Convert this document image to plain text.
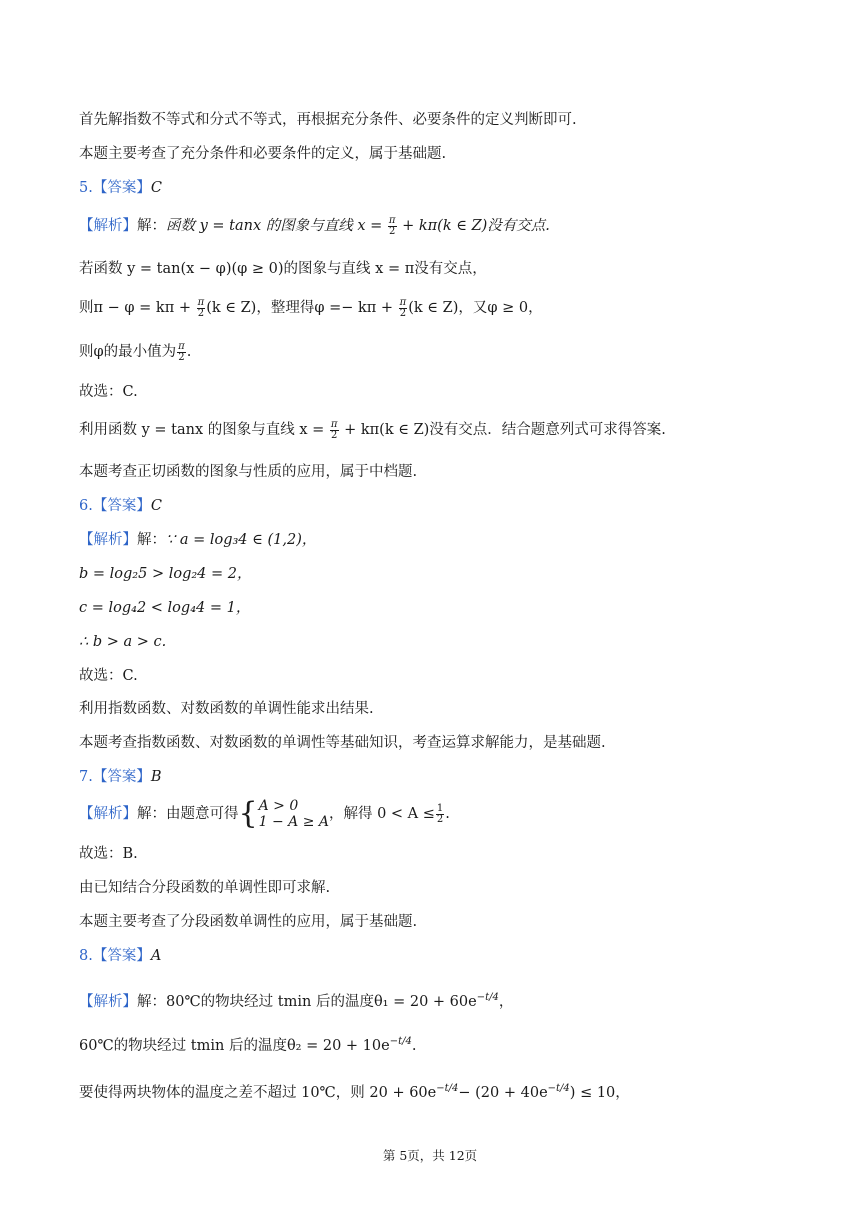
首先解指数不等式和分式不等式，再根据充分条件、必要条件的定义判断即可.
本题主要考查了充分条件和必要条件的定义，属于基础题.
5.【答案】C
【解析】解：函数 y = tanx 的图象与直线 $x = \frac{\pi}{2} + k\pi(k$ ∈ Z)没有交点.
若函数 y = tan(x − φ)(φ ≥ 0)的图象与直线 x = π没有交点，
则$\pi - \varphi = k\pi + \frac{\pi}{2} (k$ ∈ Z)，整理得$\varphi =- k\pi + \frac{\pi}{2} (k$ ∈ Z)，又φ ≥ 0，
则φ的最小值为 $\frac{\pi}{2}$ .
故选：C.
利用函数 y = tanx 的图象与直线 $x = \frac{\pi}{2} + k\pi(k$ ∈ Z)没有交点．结合题意列式可求得答案.
本题考查正切函数的图象与性质的应用，属于中档题.
6.【答案】C
【解析】解：∵ a = log₃4 ∈ (1,2)，
b = log₂5 > log₂4 = 2，
c = log₄2 < log₄4 = 1，
∴ b > a > c.
故选：C.
利用指数函数、对数函数的单调性能求出结果.
本题考查指数函数、对数函数的单调性等基础知识，考查运算求解能力，是基础题.
7.【答案】B
【解析】解：由题意可得{ A > 0
1 − A ≥ A ，解得 $0 < A \le \frac{1}{2}$ .
故选：B.
由已知结合分段函数的单调性即可求解.
本题主要考查了分段函数单调性的应用，属于基础题.
8.【答案】A
【解析】解：80℃的物块经过 tmin 后的温度$\theta_1 = 20 + 60e^{-t/4}$，
60℃的物块经过 tmin 后的温度$\theta_2 = 20 + 10e^{-t/4}$.
要使得两块物体的温度之差不超过 10℃，则 $20 + 60e^{-t/4}- (20 + 40e^{-t/4}) \le 10$，
第 5页，共 12页
